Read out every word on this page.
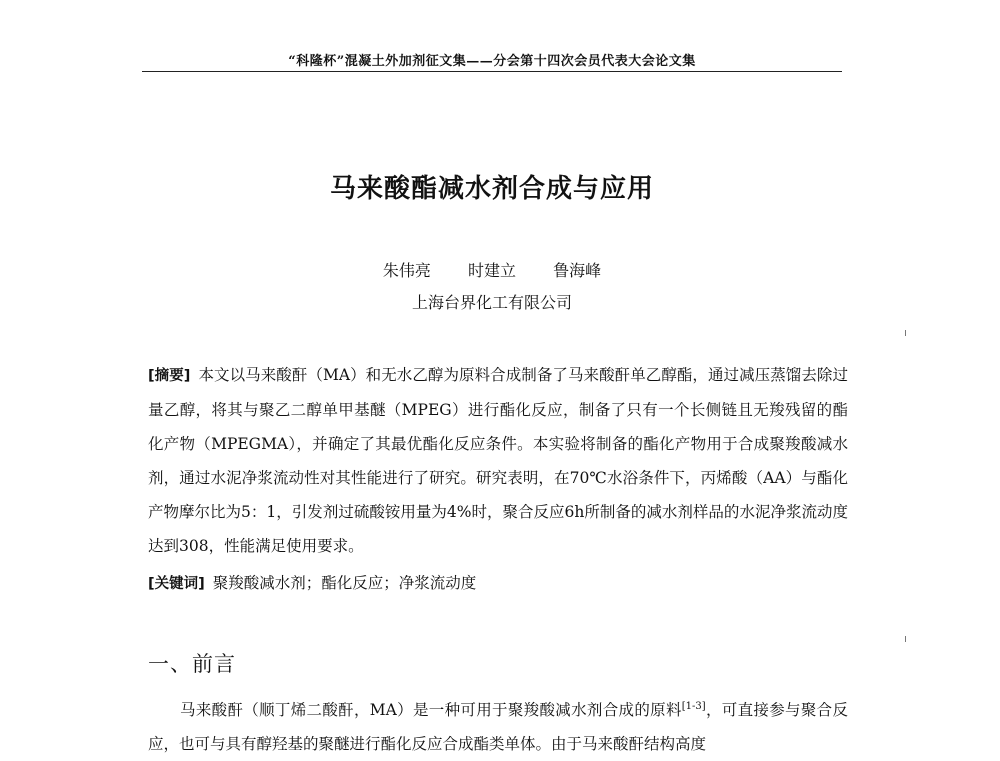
“科隆杯”混凝土外加剂征文集——分会第十四次会员代表大会论文集
马来酸酯减水剂合成与应用
朱伟亮 时建立 鲁海峰
上海台界化工有限公司
[摘要] 本文以马来酸酐（MA）和无水乙醇为原料合成制备了马来酸酐单乙醇酯，通过减压蒸馏去除过量乙醇，将其与聚乙二醇单甲基醚（MPEG）进行酯化反应，制备了只有一个长侧链且无羧残留的酯化产物（MPEGMA），并确定了其最优酯化反应条件。本实验将制备的酯化产物用于合成聚羧酸减水剂，通过水泥净浆流动性对其性能进行了研究。研究表明，在70℃水浴条件下，丙烯酸（AA）与酯化产物摩尔比为5：1，引发剂过硫酸铵用量为4%时，聚合反应6h所制备的减水剂样品的水泥净浆流动度达到308，性能满足使用要求。
[关键词] 聚羧酸减水剂；酯化反应；净浆流动度
一、前言
马来酸酐（顺丁烯二酸酐，MA）是一种可用于聚羧酸减水剂合成的原料[1-3]，可直接参与聚合反应，也可与具有醇羟基的聚醚进行酯化反应合成酯类单体。由于马来酸酐结构高度
